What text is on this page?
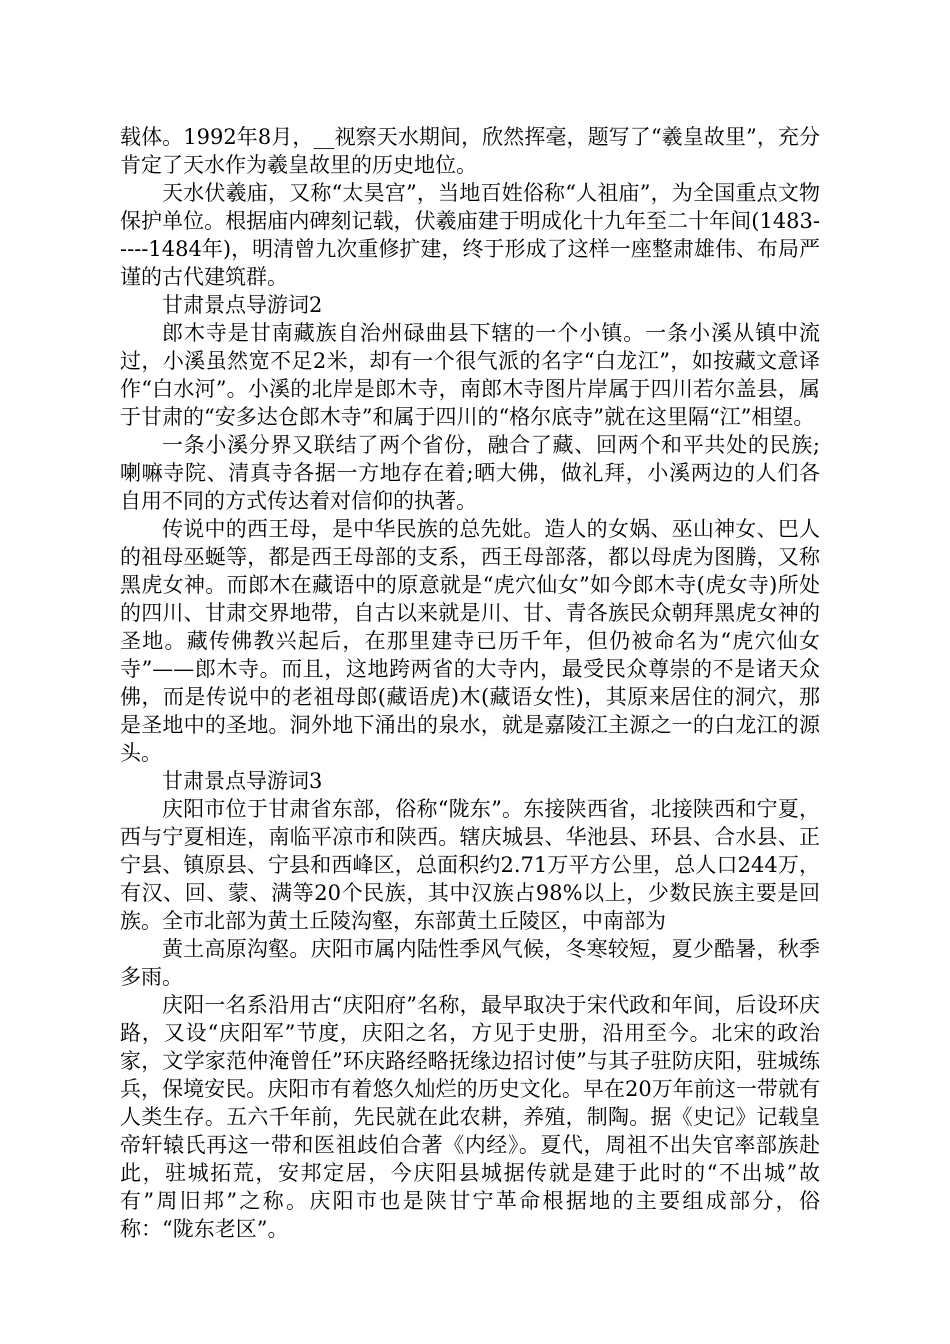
载体。1992年8月，__视察天水期间，欣然挥毫，题写了“羲皇故里”，充分肯定了天水作为羲皇故里的历史地位。

天水伏羲庙，又称“太昊宫”，当地百姓俗称“人祖庙”，为全国重点文物保护单位。根据庙内碑刻记载，伏羲庙建于明成化十九年至二十年间(1483-----1484年)，明清曾九次重修扩建，终于形成了这样一座整肃雄伟、布局严谨的古代建筑群。

甘肃景点导游词2

郎木寺是甘南藏族自治州碌曲县下辖的一个小镇。一条小溪从镇中流过，小溪虽然宽不足2米，却有一个很气派的名字“白龙江”，如按藏文意译作“白水河”。小溪的北岸是郎木寺，南郎木寺图片岸属于四川若尔盖县，属于甘肃的“安多达仓郎木寺”和属于四川的“格尔底寺”就在这里隔“江”相望。

一条小溪分界又联结了两个省份，融合了藏、回两个和平共处的民族;喇嘛寺院、清真寺各据一方地存在着;晒大佛，做礼拜，小溪两边的人们各自用不同的方式传达着对信仰的执著。

传说中的西王母，是中华民族的总先妣。造人的女娲、巫山神女、巴人的祖母巫蜒等，都是西王母部的支系，西王母部落，都以母虎为图腾，又称黑虎女神。而郎木在藏语中的原意就是“虎穴仙女”如今郎木寺(虎女寺)所处的四川、甘肃交界地带，自古以来就是川、甘、青各族民众朝拜黑虎女神的圣地。藏传佛教兴起后，在那里建寺已历千年，但仍被命名为“虎穴仙女寺”——郎木寺。而且，这地跨两省的大寺内，最受民众尊崇的不是诸天众佛，而是传说中的老祖母郎(藏语虎)木(藏语女性)，其原来居住的洞穴，那是圣地中的圣地。洞外地下涌出的泉水，就是嘉陵江主源之一的白龙江的源头。

甘肃景点导游词3

庆阳市位于甘肃省东部，俗称“陇东”。东接陕西省，北接陕西和宁夏，西与宁夏相连，南临平凉市和陕西。辖庆城县、华池县、环县、合水县、正宁县、镇原县、宁县和西峰区，总面积约2.71万平方公里，总人口244万，有汉、回、蒙、满等20个民族，其中汉族占98%以上，少数民族主要是回族。全市北部为黄土丘陵沟壑，东部黄土丘陵区，中南部为

黄土高原沟壑。庆阳市属内陆性季风气候，冬寒较短，夏少酷暑，秋季多雨。

庆阳一名系沿用古“庆阳府”名称，最早取决于宋代政和年间，后设环庆路，又设“庆阳军”节度，庆阳之名，方见于史册，沿用至今。北宋的政治家，文学家范仲淹曾任”环庆路经略抚缘边招讨使”与其子驻防庆阳，驻城练兵，保境安民。庆阳市有着悠久灿烂的历史文化。早在20万年前这一带就有人类生存。五六千年前，先民就在此农耕，养殖，制陶。据《史记》记载皇帝轩辕氏再这一带和医祖歧伯合著《内经》。夏代，周祖不出失官率部族赴此，驻城拓荒，安邦定居，今庆阳县城据传就是建于此时的“不出城”故有”周旧邦”之称。庆阳市也是陕甘宁革命根据地的主要组成部分，俗称：“陇东老区”。
